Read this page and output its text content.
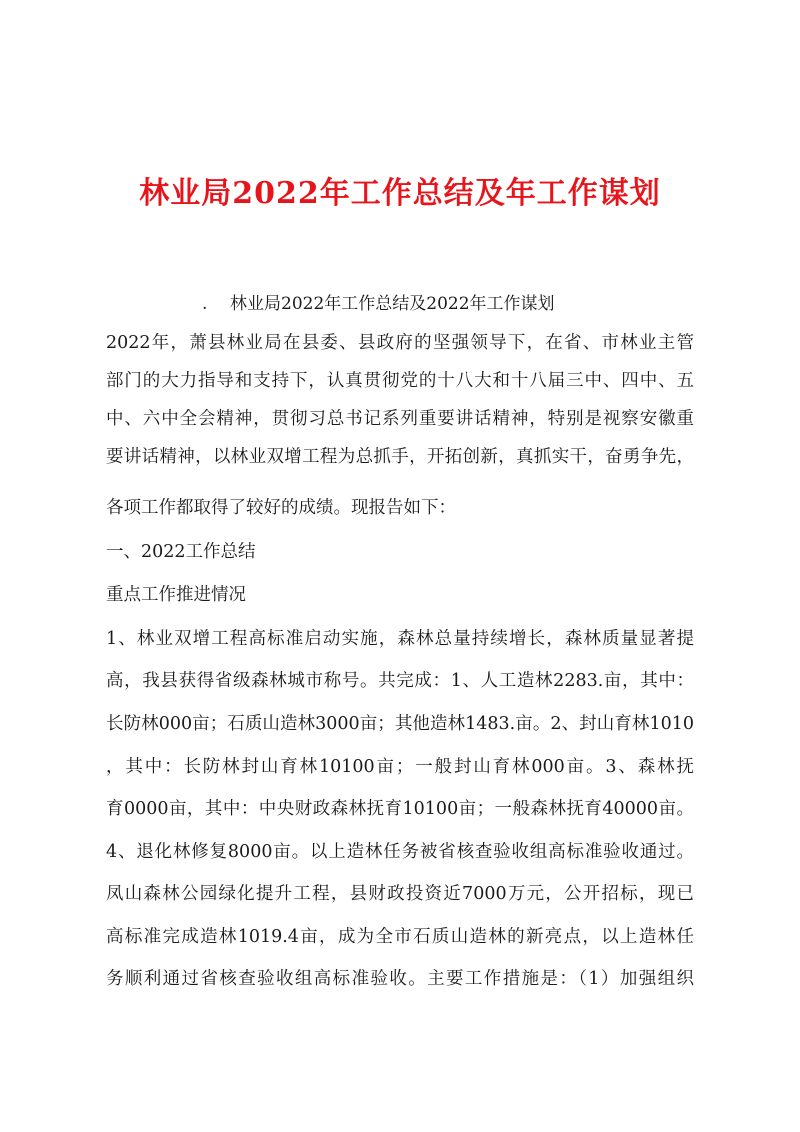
林业局2022年工作总结及年工作谋划
. 林业局2022年工作总结及2022年工作谋划
2022年，萧县林业局在县委、县政府的坚强领导下，在省、市林业主管
部门的大力指导和支持下，认真贯彻党的十八大和十八届三中、四中、五
中、六中全会精神，贯彻习总书记系列重要讲话精神，特别是视察安徽重
要讲话精神，以林业双增工程为总抓手，开拓创新，真抓实干，奋勇争先，
各项工作都取得了较好的成绩。现报告如下：
一、2022工作总结
重点工作推进情况
1、林业双增工程高标准启动实施，森林总量持续增长，森林质量显著提
高，我县获得省级森林城市称号。共完成：1、人工造林2283.亩，其中：
长防林000亩；石质山造林3000亩；其他造林1483.亩。2、封山育林1010
，其中：长防林封山育林10100亩；一般封山育林000亩。3、森林抚
育0000亩，其中：中央财政森林抚育10100亩；一般森林抚育40000亩。
4、退化林修复8000亩。以上造林任务被省核查验收组高标准验收通过。
凤山森林公园绿化提升工程，县财政投资近7000万元，公开招标，现已
高标准完成造林1019.4亩，成为全市石质山造林的新亮点，以上造林任
务顺利通过省核查验收组高标准验收。主要工作措施是：（1）加强组织
